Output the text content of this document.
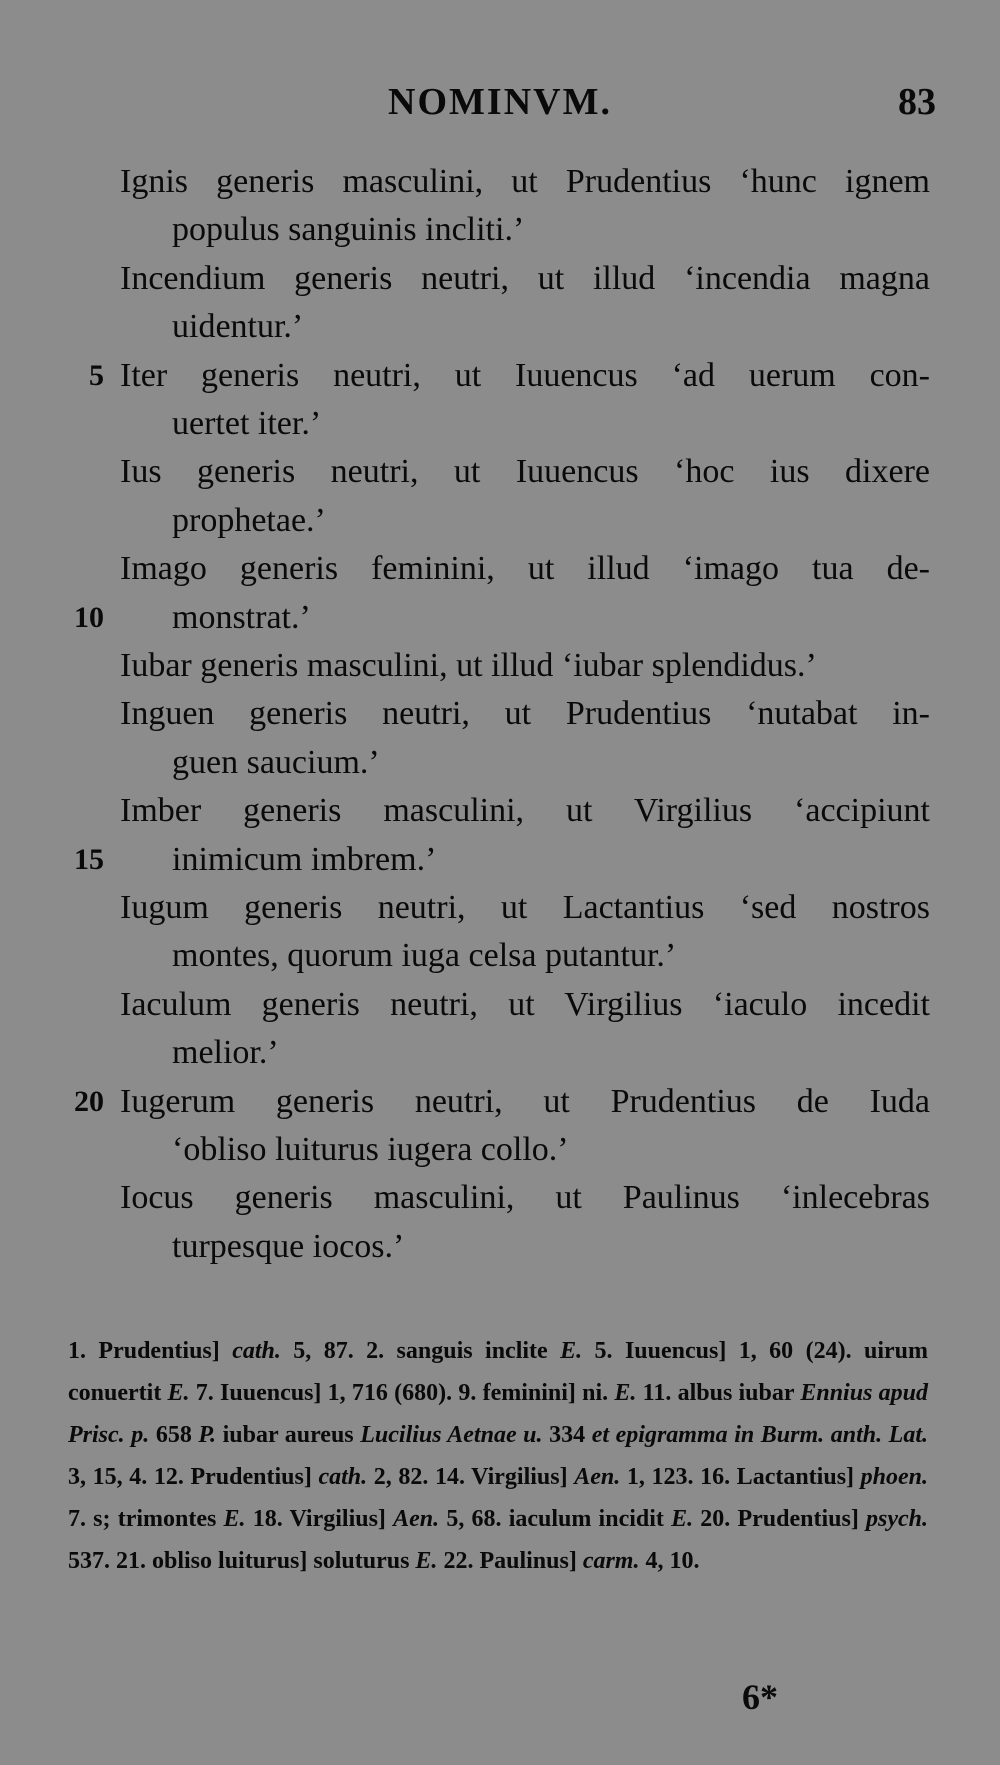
NOMINVM.	83
Ignis generis masculini, ut Prudentius ‘hunc ignem
populus sanguinis incliti.’
Incendium generis neutri, ut illud ‘incendia magna
uidentur.’
5 Iter generis neutri, ut Iuuencus ‘ad uerum con-
uertet iter.’
Ius generis neutri, ut Iuuencus ‘hoc ius dixere
prophetae.’
Imago generis feminini, ut illud ‘imago tua de-
10 monstrat.’
Iubar generis masculini, ut illud ‘iubar splendidus.’
Inguen generis neutri, ut Prudentius ‘nutabat in-
guen saucium.’
Imber generis masculini, ut Virgilius ‘accipiunt
15 inimicum imbrem.’
Iugum generis neutri, ut Lactantius ‘sed nostros
montes, quorum iuga celsa putantur.’
Iaculum generis neutri, ut Virgilius ‘iaculo incedit
melior.’
20 Iugerum generis neutri, ut Prudentius de Iuda
‘obliso luiturus iugera collo.’
Iocus generis masculini, ut Paulinus ‘inlecebras
turpesque iocos.’
1. Prudentius] cath. 5, 87. 2. sanguis inclite E. 5. Iuuencus] 1, 60 (24). uirum conuertit E. 7. Iuuencus] 1, 716 (680). 9. feminini] ni. E. 11. albus iubar Ennius apud Prisc. p. 658 P. iubar aureus Lucilius Aetnae u. 334 et epigramma in Burm. anth. Lat. 3, 15, 4. 12. Prudentius] cath. 2, 82. 14. Virgilius] Aen. 1, 123. 16. Lactantius] phoen. 7. s; trimontes E. 18. Virgilius] Aen. 5, 68. iaculum incidit E. 20. Prudentius] psych. 537. 21. obliso luiturus] soluturus E. 22. Paulinus] carm. 4, 10.
6*
